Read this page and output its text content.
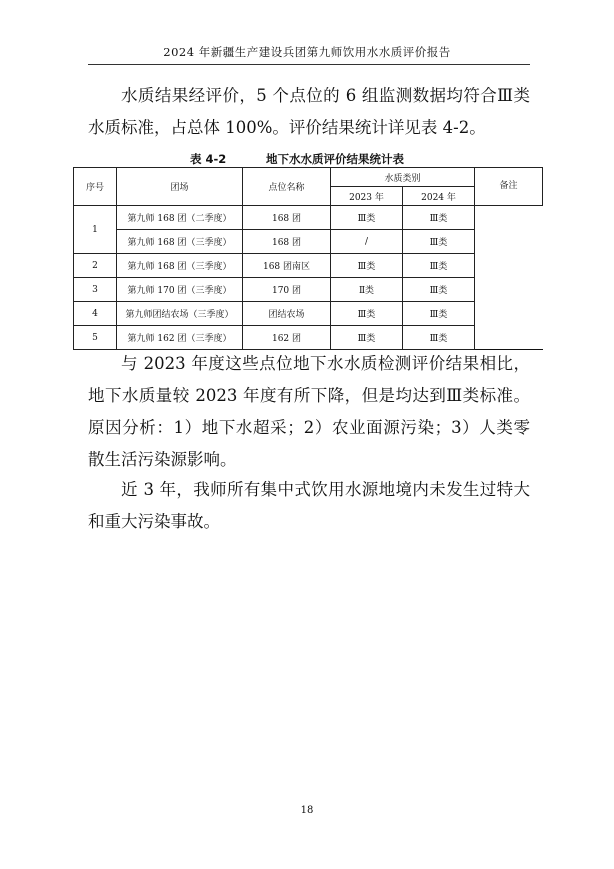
2024 年新疆生产建设兵团第九师饮用水水质评价报告

水质结果经评价，5 个点位的 6 组监测数据均符合Ⅲ类水质标准，占总体 100%。评价结果统计详见表 4-2。

表 4-2	地下水水质评价结果统计表
序号	团场	点位名称	水质类别		备注
			2023 年	2024 年	
1	第九师 168 团（二季度）	168 团	Ⅲ类	Ⅲ类	
	第九师 168 团（三季度）	168 团	/	Ⅲ类	
2	第九师 168 团（三季度）	168 团南区	Ⅲ类	Ⅲ类	
3	第九师 170 团（三季度）	170 团	Ⅱ类	Ⅲ类	
4	第九师团结农场（三季度）	团结农场	Ⅲ类	Ⅲ类	
5	第九师 162 团（三季度）	162 团	Ⅲ类	Ⅲ类	

与 2023 年度这些点位地下水水质检测评价结果相比，地下水质量较 2023 年度有所下降，但是均达到Ⅲ类标准。原因分析：1）地下水超采；2）农业面源污染；3）人类零散生活污染源影响。

近 3 年，我师所有集中式饮用水源地境内未发生过特大和重大污染事故。

18
